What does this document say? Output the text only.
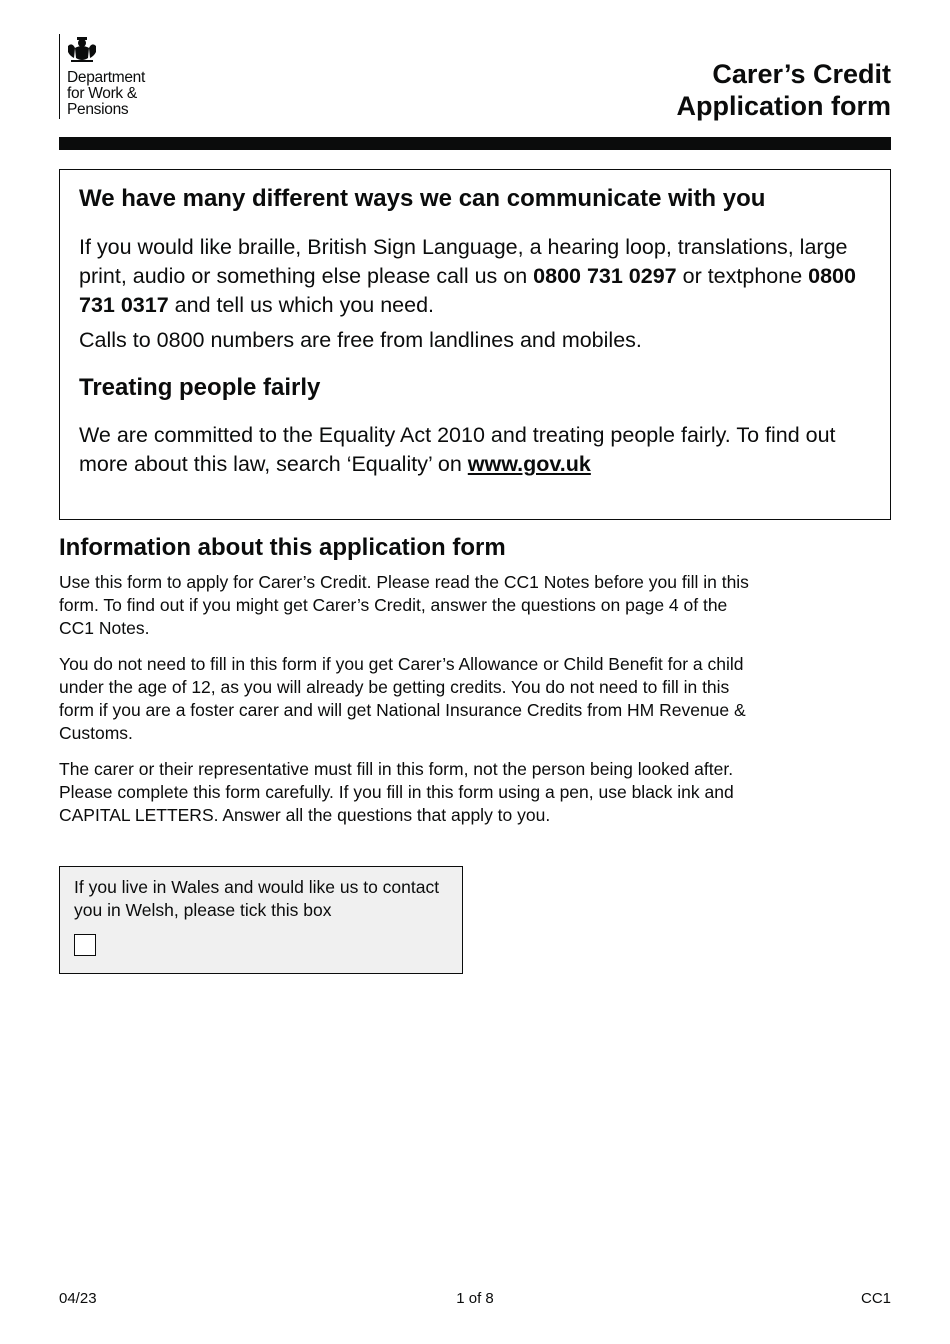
Department
for Work &
Pensions
Carer’s Credit
Application form
We have many different ways we can communicate with you

If you would like braille, British Sign Language, a hearing loop, translations, large print, audio or something else please call us on 0800 731 0297 or textphone 0800 731 0317 and tell us which you need.

Calls to 0800 numbers are free from landlines and mobiles.

Treating people fairly

We are committed to the Equality Act 2010 and treating people fairly. To find out more about this law, search ‘Equality’ on www.gov.uk

Information about this application form

Use this form to apply for Carer’s Credit. Please read the CC1 Notes before you fill in this form. To find out if you might get Carer’s Credit, answer the questions on page 4 of the CC1 Notes.

You do not need to fill in this form if you get Carer’s Allowance or Child Benefit for a child under the age of 12, as you will already be getting credits. You do not need to fill in this form if you are a foster carer and will get National Insurance Credits from HM Revenue & Customs.

The carer or their representative must fill in this form, not the person being looked after. Please complete this form carefully. If you fill in this form using a pen, use black ink and CAPITAL LETTERS. Answer all the questions that apply to you.

If you live in Wales and would like us to contact you in Welsh, please tick this box

04/23	1 of 8	CC1
